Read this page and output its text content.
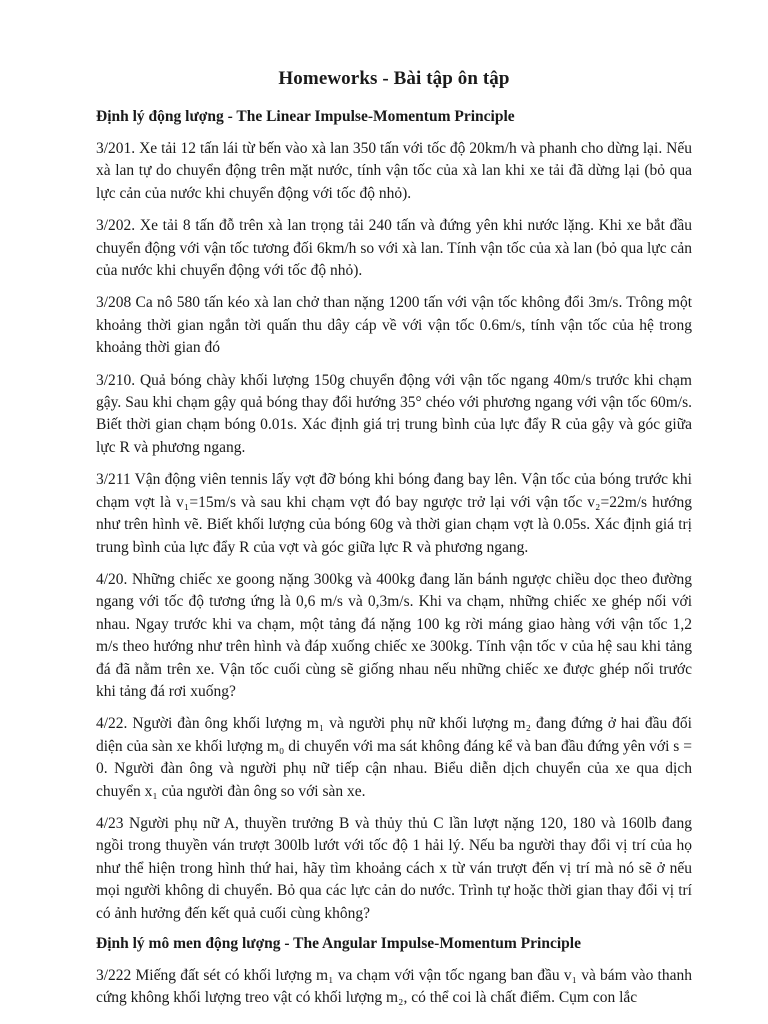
Homeworks - Bài tập ôn tập
Định lý động lượng - The Linear Impulse-Momentum Principle

3/201. Xe tải 12 tấn lái từ bến vào xà lan 350 tấn với tốc độ 20km/h và phanh cho dừng lại. Nếu xà lan tự do chuyển động trên mặt nước, tính vận tốc của xà lan khi xe tải đã dừng lại (bỏ qua lực cản của nước khi chuyển động với tốc độ nhỏ).

3/202. Xe tải 8 tấn đỗ trên xà lan trọng tải 240 tấn và đứng yên khi nước lặng. Khi xe bắt đầu chuyển động với vận tốc tương đối 6km/h so với xà lan. Tính vận tốc của xà lan (bỏ qua lực cản của nước khi chuyển động với tốc độ nhỏ).

3/208 Ca nô 580 tấn kéo xà lan chở than nặng 1200 tấn với vận tốc không đổi 3m/s. Trông một khoảng thời gian ngắn tời quấn thu dây cáp về với vận tốc 0.6m/s, tính vận tốc của hệ trong khoảng thời gian đó

3/210. Quả bóng chày khối lượng 150g chuyển động với vận tốc ngang 40m/s trước khi chạm gậy. Sau khi chạm gậy quả bóng thay đổi hướng 35° chéo với phương ngang với vận tốc 60m/s. Biết thời gian chạm bóng 0.01s. Xác định giá trị trung bình của lực đẩy R của gậy và góc giữa lực R và phương ngang.

3/211 Vận động viên tennis lấy vợt đỡ bóng khi bóng đang bay lên. Vận tốc của bóng trước khi chạm vợt là v₁=15m/s và sau khi chạm vợt đó bay ngược trở lại với vận tốc v₂=22m/s hướng như trên hình vẽ. Biết khối lượng của bóng 60g và thời gian chạm vợt là 0.05s. Xác định giá trị trung bình của lực đẩy R của vợt và góc giữa lực R và phương ngang.

4/20. Những chiếc xe goong nặng 300kg và 400kg đang lăn bánh ngược chiều dọc theo đường ngang với tốc độ tương ứng là 0,6 m/s và 0,3m/s. Khi va chạm, những chiếc xe ghép nối với nhau. Ngay trước khi va chạm, một tảng đá nặng 100 kg rời máng giao hàng với vận tốc 1,2 m/s theo hướng như trên hình và đáp xuống chiếc xe 300kg. Tính vận tốc v của hệ sau khi tảng đá đã nằm trên xe. Vận tốc cuối cùng sẽ giống nhau nếu những chiếc xe được ghép nối trước khi tảng đá rơi xuống?

4/22. Người đàn ông khối lượng m₁ và người phụ nữ khối lượng m₂ đang đứng ở hai đầu đối diện của sàn xe khối lượng m₀ di chuyển với ma sát không đáng kể và ban đầu đứng yên với s = 0. Người đàn ông và người phụ nữ tiếp cận nhau. Biểu diễn dịch chuyển của xe qua dịch chuyển x₁ của người đàn ông so với sàn xe.

4/23 Người phụ nữ A, thuyền trưởng B và thủy thủ C lần lượt nặng 120, 180 và 160lb đang ngồi trong thuyền ván trượt 300lb lướt với tốc độ 1 hải lý. Nếu ba người thay đổi vị trí của họ như thể hiện trong hình thứ hai, hãy tìm khoảng cách x từ ván trượt đến vị trí mà nó sẽ ở nếu mọi người không di chuyển. Bỏ qua các lực cản do nước. Trình tự hoặc thời gian thay đổi vị trí có ảnh hưởng đến kết quả cuối cùng không?

Định lý mô men động lượng - The Angular Impulse-Momentum Principle

3/222 Miếng đất sét có khối lượng m₁ va chạm với vận tốc ngang ban đầu v₁ và bám vào thanh cứng không khối lượng treo vật có khối lượng m₂, có thể coi là chất điểm. Cụm con lắc
